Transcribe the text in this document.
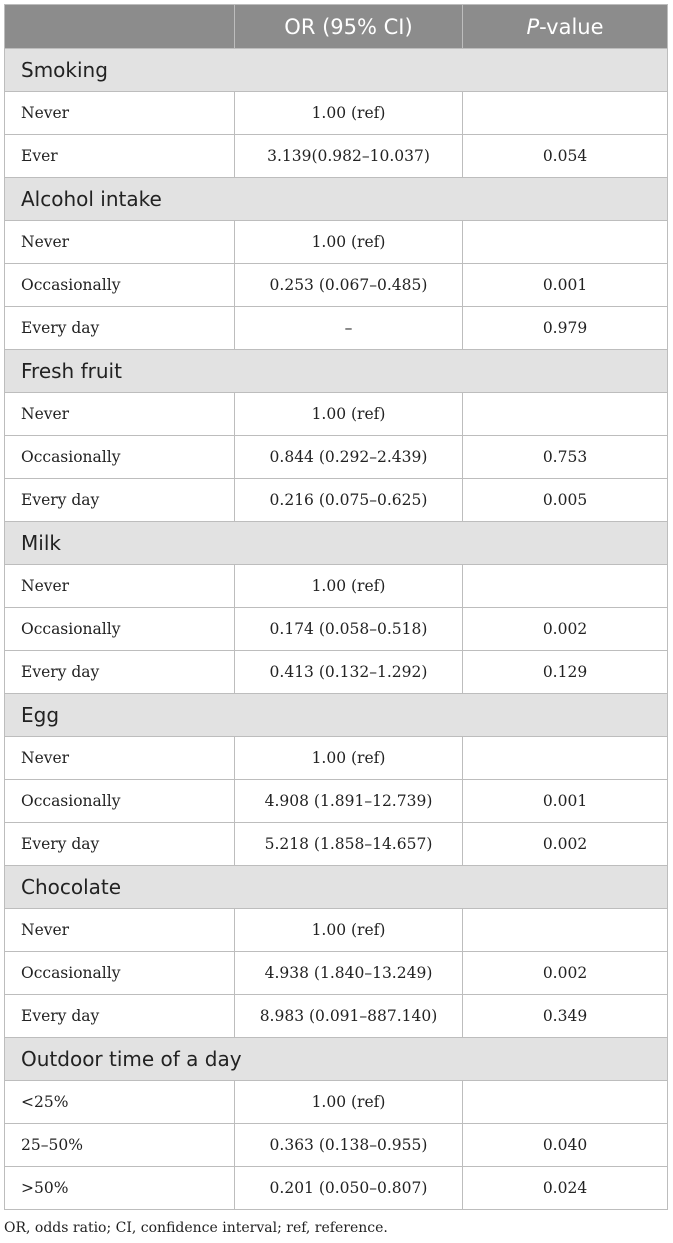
	OR (95% CI)	P-value
Smoking		
Never	1.00 (ref)	
Ever	3.139(0.982–10.037)	0.054
Alcohol intake		
Never	1.00 (ref)	
Occasionally	0.253 (0.067–0.485)	0.001
Every day	–	0.979
Fresh fruit		
Never	1.00 (ref)	
Occasionally	0.844 (0.292–2.439)	0.753
Every day	0.216 (0.075–0.625)	0.005
Milk		
Never	1.00 (ref)	
Occasionally	0.174 (0.058–0.518)	0.002
Every day	0.413 (0.132–1.292)	0.129
Egg		
Never	1.00 (ref)	
Occasionally	4.908 (1.891–12.739)	0.001
Every day	5.218 (1.858–14.657)	0.002
Chocolate		
Never	1.00 (ref)	
Occasionally	4.938 (1.840–13.249)	0.002
Every day	8.983 (0.091–887.140)	0.349
Outdoor time of a day		
<25%	1.00 (ref)	
25–50%	0.363 (0.138–0.955)	0.040
>50%	0.201 (0.050–0.807)	0.024
OR, odds ratio; CI, confidence interval; ref, reference.
